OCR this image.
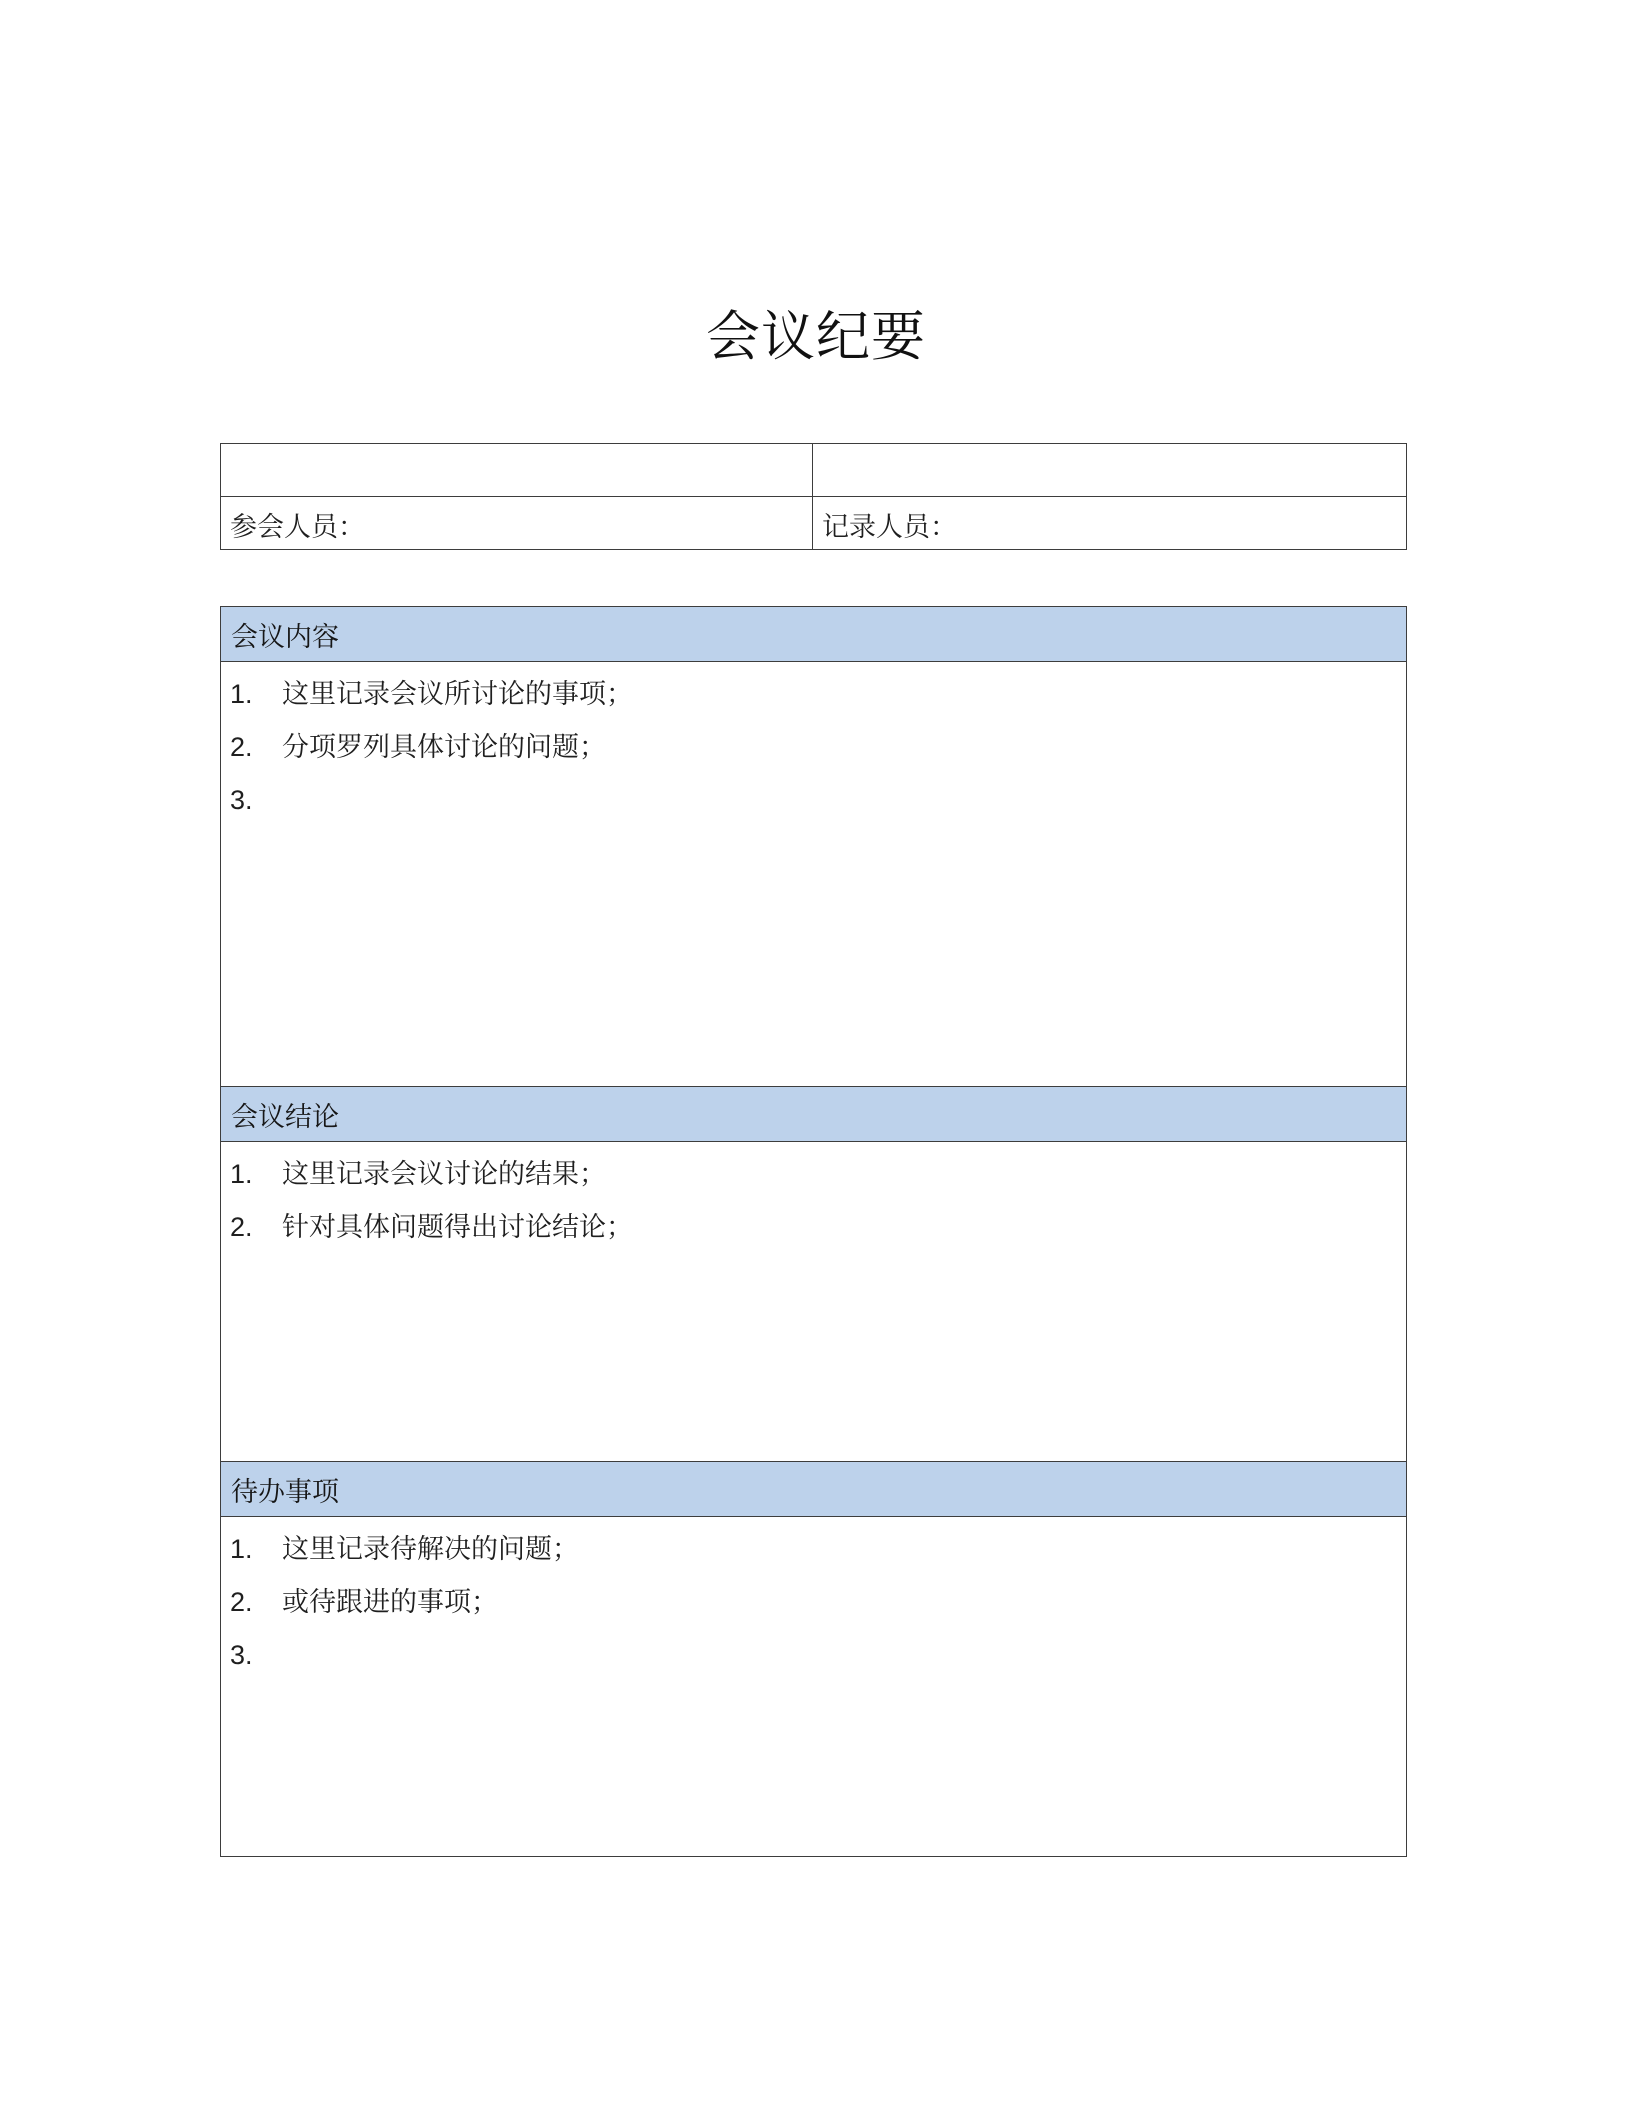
会议纪要
参会人员：	记录人员：
会议内容
1.	这里记录会议所讨论的事项；
2.	分项罗列具体讨论的问题；
3.
会议结论
1.	这里记录会议讨论的结果；
2.	针对具体问题得出讨论结论；
待办事项
1.	这里记录待解决的问题；
2.	或待跟进的事项；
3.
